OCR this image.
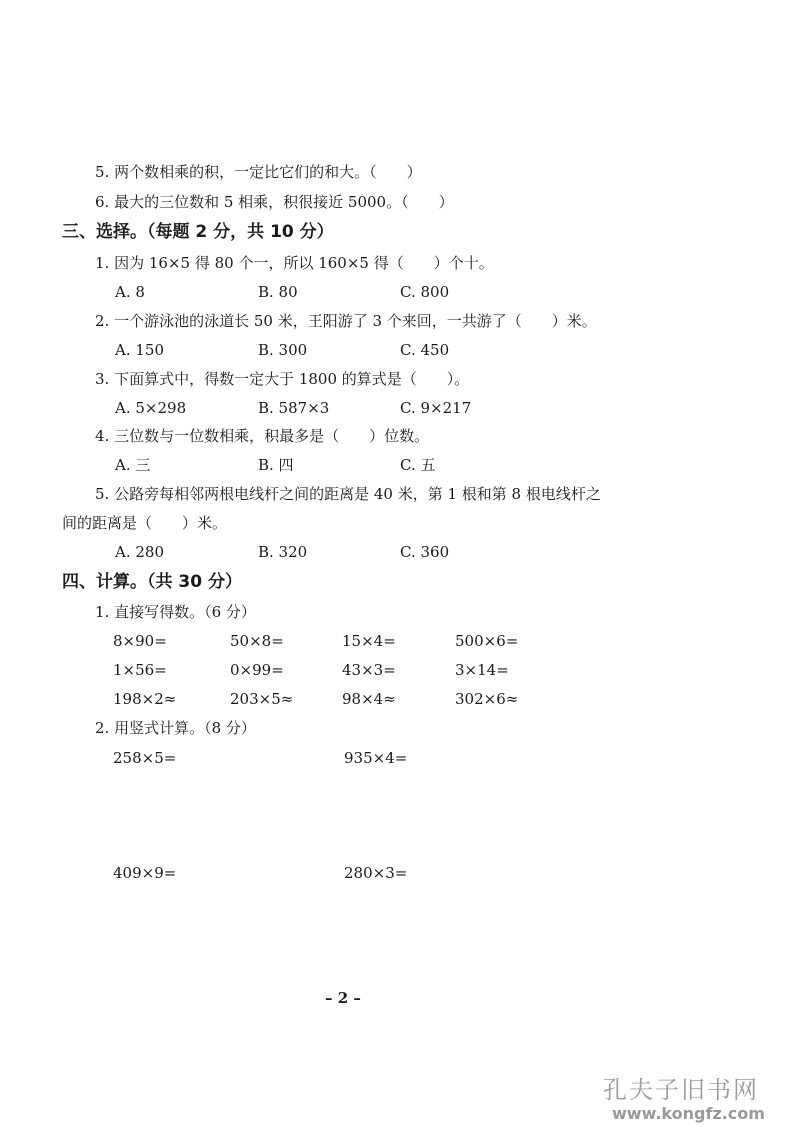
5. 两个数相乘的积，一定比它们的和大。（　　）
6. 最大的三位数和 5 相乘，积很接近 5000。（　　）
三、选择。（每题 2 分，共 10 分）
1. 因为 16×5 得 80 个一，所以 160×5 得（　　）个十。
A. 8	B. 80	C. 800
2. 一个游泳池的泳道长 50 米，王阳游了 3 个来回，一共游了（　　）米。
A. 150	B. 300	C. 450
3. 下面算式中，得数一定大于 1800 的算式是（　　）。
A. 5×298	B. 587×3	C. 9×217
4. 三位数与一位数相乘，积最多是（　　）位数。
A. 三	B. 四	C. 五
5. 公路旁每相邻两根电线杆之间的距离是 40 米，第 1 根和第 8 根电线杆之
间的距离是（　　）米。
A. 280	B. 320	C. 360
四、计算。（共 30 分）
1. 直接写得数。（6 分）
8×90=	50×8=	15×4=	500×6=
1×56=	0×99=	43×3=	3×14=
198×2≈	203×5≈	98×4≈	302×6≈
2. 用竖式计算。（8 分）
258×5=	935×4=
409×9=	280×3=
– 2 –
孔夫子旧书网
www.kongfz.com
